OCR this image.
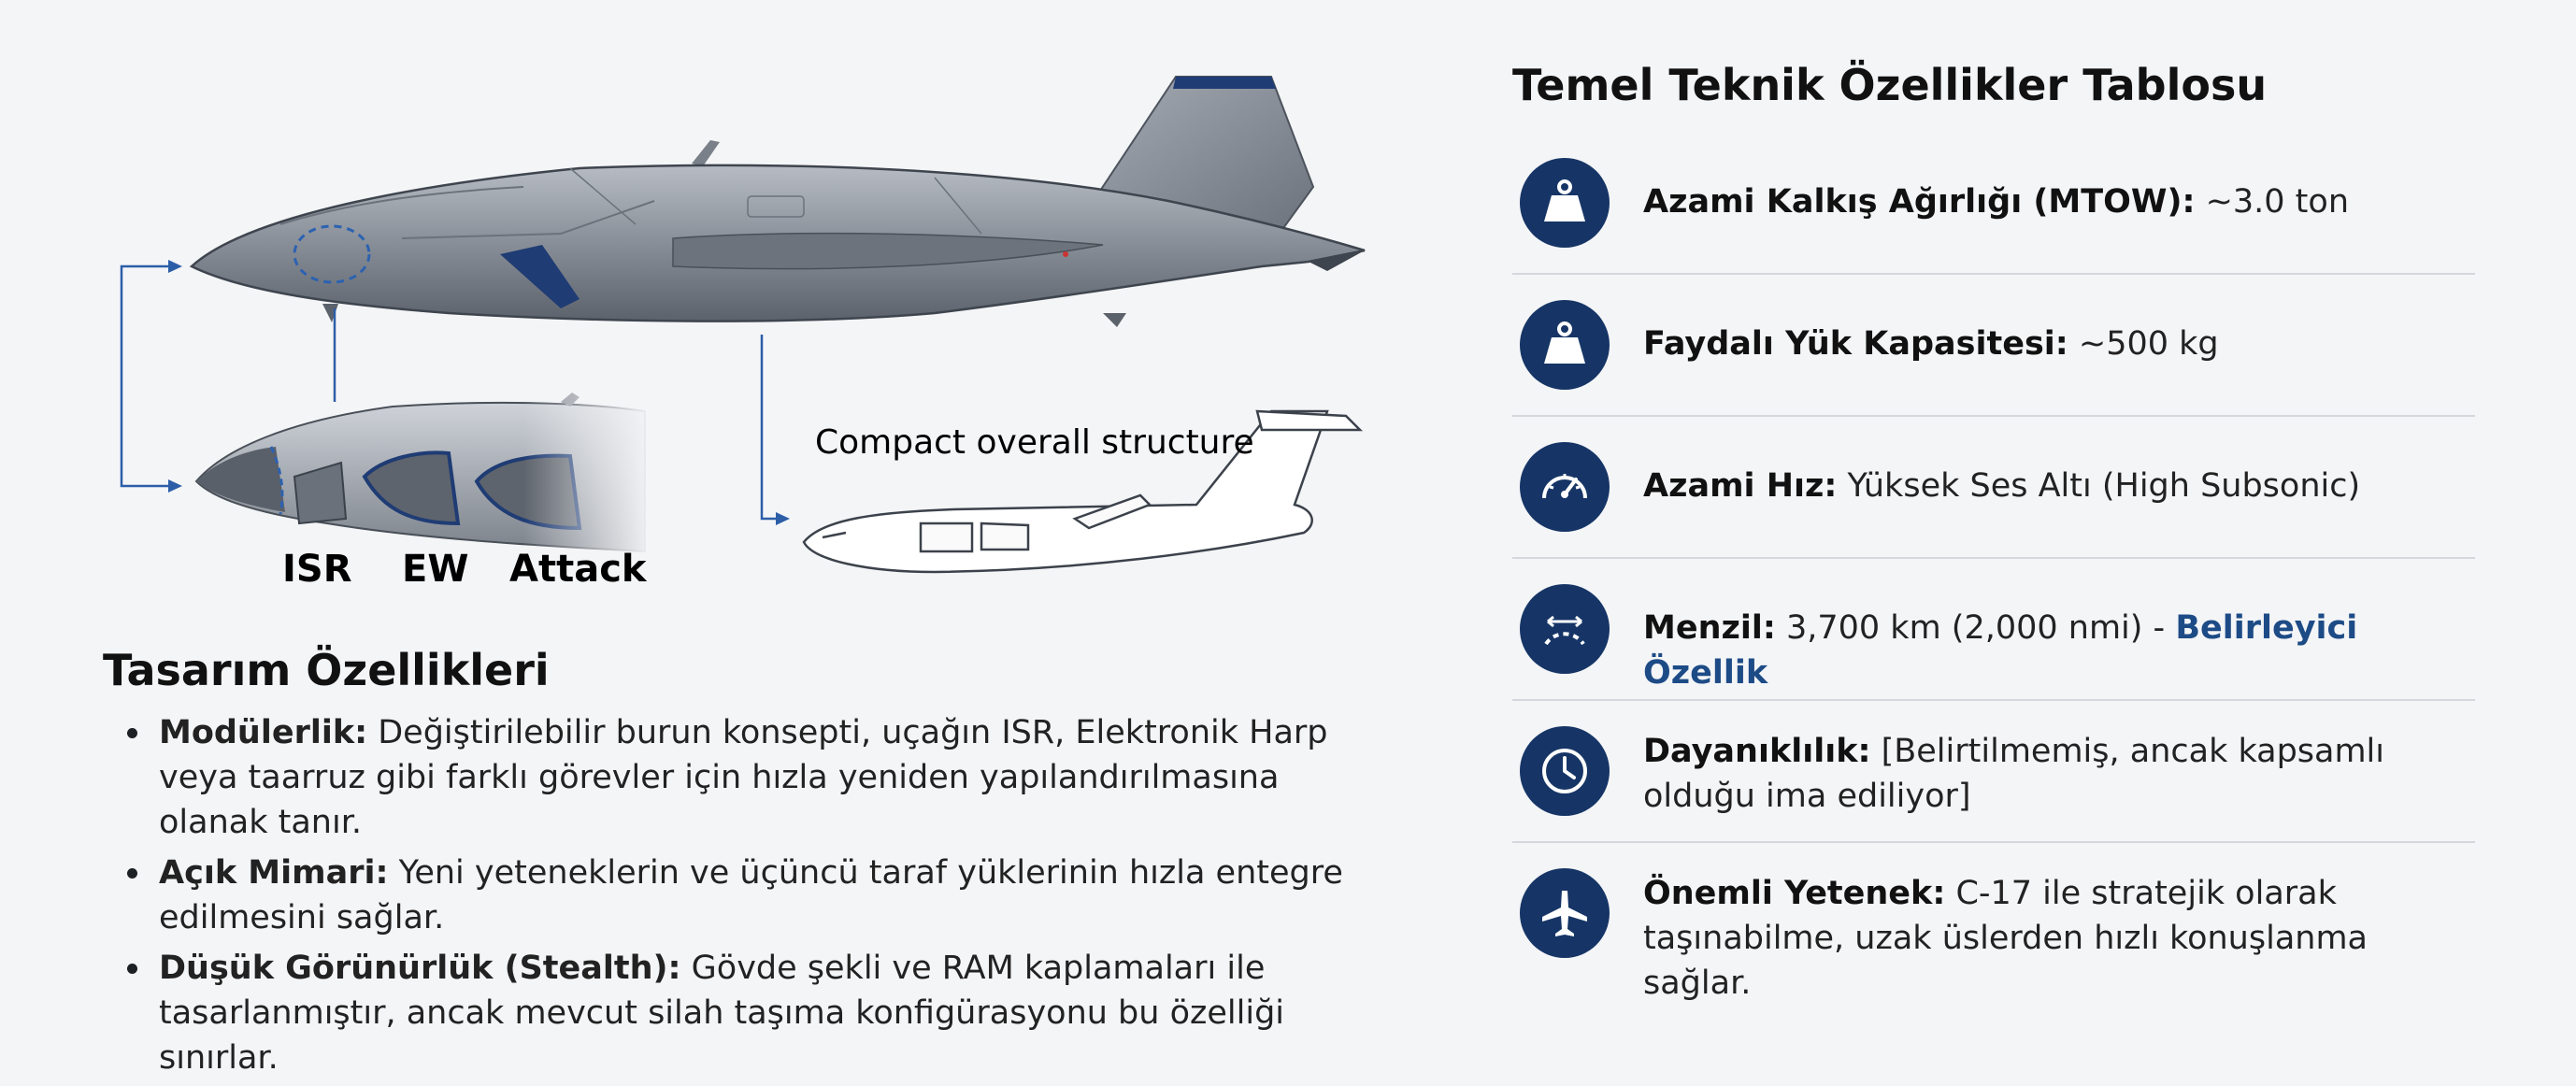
ISR EW Attack
Compact overall structure
Tasarım Özellikleri
Modülerlik: Değiştirilebilir burun konsepti, uçağın ISR, Elektronik Harp veya taarruz gibi farklı görevler için hızla yeniden yapılandırılmasına olanak tanır.
Açık Mimari: Yeni yeteneklerin ve üçüncü taraf yüklerinin hızla entegre edilmesini sağlar.
Düşük Görünürlük (Stealth): Gövde şekli ve RAM kaplamaları ile tasarlanmıştır, ancak mevcut silah taşıma konfigürasyonu bu özelliği sınırlar.
Temel Teknik Özellikler Tablosu
Azami Kalkış Ağırlığı (MTOW): ~3.0 ton
Faydalı Yük Kapasitesi: ~500 kg
Azami Hız: Yüksek Ses Altı (High Subsonic)
Menzil: 3,700 km (2,000 nmi) - Belirleyici Özellik
Dayanıklılık: [Belirtilmemiş, ancak kapsamlı olduğu ima ediliyor]
Önemli Yetenek: C-17 ile stratejik olarak taşınabilme, uzak üslerden hızlı konuşlanma sağlar.
